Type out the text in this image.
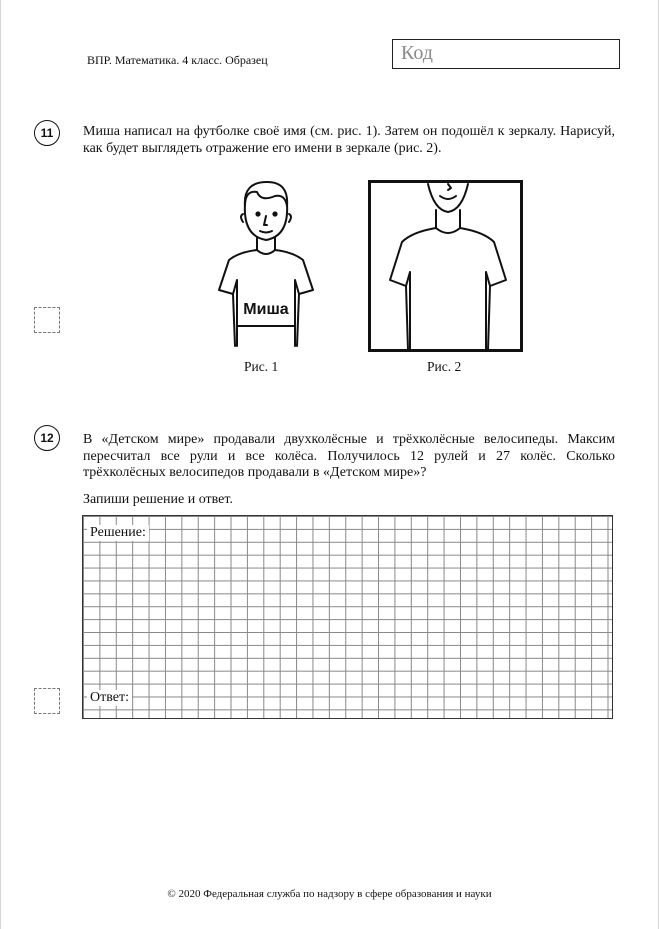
ВПР. Математика. 4 класс. Образец	Код
11	Миша написал на футболке своё имя (см. рис. 1). Затем он подошёл к зеркалу. Нарисуй, как будет выглядеть отражение его имени в зеркале (рис. 2).
Миша
Рис. 1	Рис. 2
12	В «Детском мире» продавали двухколёсные и трёхколёсные велосипеды. Максим пересчитал все рули и все колёса. Получилось 12 рулей и 27 колёс. Сколько трёхколёсных велосипедов продавали в «Детском мире»?
Запиши решение и ответ.
Решение:
Ответ:
© 2020 Федеральная служба по надзору в сфере образования и науки
